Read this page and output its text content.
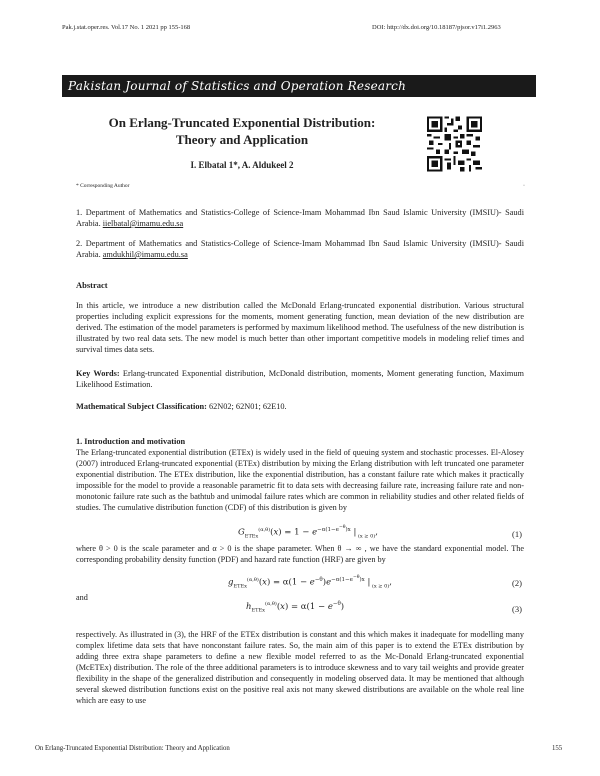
Pak.j.stat.oper.res. Vol.17 No. 1 2021 pp 155-168	DOI: http://dx.doi.org/10.18187/pjsor.v17i1.2963
Pakistan Journal of Statistics and Operation Research
On Erlang-Truncated Exponential Distribution:
Theory and Application
I. Elbatal 1*, A. Aldukeel 2
* Corresponding Author	·
1. Department of Mathematics and Statistics-College of Science-Imam Mohammad Ibn Saud Islamic University (IMSIU)- Saudi Arabia. iielbatal@imamu.edu.sa
2. Department of Mathematics and Statistics-College of Science-Imam Mohammad Ibn Saud Islamic University (IMSIU)- Saudi Arabia. amdukhil@imamu.edu.sa
Abstract
In this article, we introduce a new distribution called the McDonald Erlang-truncated exponential distribution. Various structural properties including explicit expressions for the moments, moment generating function, mean deviation of the new distribution are derived. The estimation of the model parameters is performed by maximum likelihood method. The usefulness of the new distribution is illustrated by two real data sets. The new model is much better than other important competitive models in modeling relief times and survival times data sets.
Key Words: Erlang-truncated Exponential distribution, McDonald distribution, moments, Moment generating function, Maximum Likelihood Estimation.
Mathematical Subject Classification: 62N02; 62N01; 62E10.
1. Introduction and motivation
The Erlang-truncated exponential distribution (ETEx) is widely used in the field of queuing system and stochastic processes. El-Alosey (2007) introduced Erlang-truncated exponential (ETEx) distribution by mixing the Erlang distribution with left truncated one parameter exponential distribution. The ETEx distribution, like the exponential distribution, has a constant failure rate which makes it practically impossible for the model to provide a reasonable parametric fit to data sets with decreasing failure rate, increasing failure rate and non-monotonic failure rate such as the bathtub and unimodal failure rates which are common in reliability studies and other related fields of studies. The cumulative distribution function (CDF) of this distribution is given by
$G_{ETEx}^{(\alpha,\theta)}(x) = 1 - e^{-\alpha(1-e^{-\theta})x}$ | $_{(x \ge 0)}$,	(1)
where θ > 0 is the scale parameter and α > 0 is the shape parameter. When θ → ∞ , we have the standard exponential model. The corresponding probability density function (PDF) and hazard rate function (HRF) are given by
$g_{ETEx}^{(\alpha,\theta)}(x) = \alpha(1 - e^{-\theta})e^{-\alpha(1-e^{-\theta})x}$ | $_{(x \ge 0)}$,	(2)
and
$h_{ETEx}^{(\alpha,\theta)}(x) = \alpha(1 - e^{-\theta})$	(3)
respectively. As illustrated in (3), the HRF of the ETEx distribution is constant and this which makes it inadequate for modelling many complex lifetime data sets that have nonconstant failure rates. So, the main aim of this paper is to extend the ETEx distribution by adding three extra shape parameters to define a new flexible model referred to as the Mc-Donald Erlang-truncated exponential (McETEx) distribution. The role of the three additional parameters is to introduce skewness and to vary tail weights and provide greater flexibility in the shape of the generalized distribution and consequently in modeling observed data. It may be mentioned that although several skewed distribution functions exist on the positive real axis not many skewed distributions are available on the whole real line which are easy to use
On Erlang-Truncated Exponential Distribution: Theory and Application	155
